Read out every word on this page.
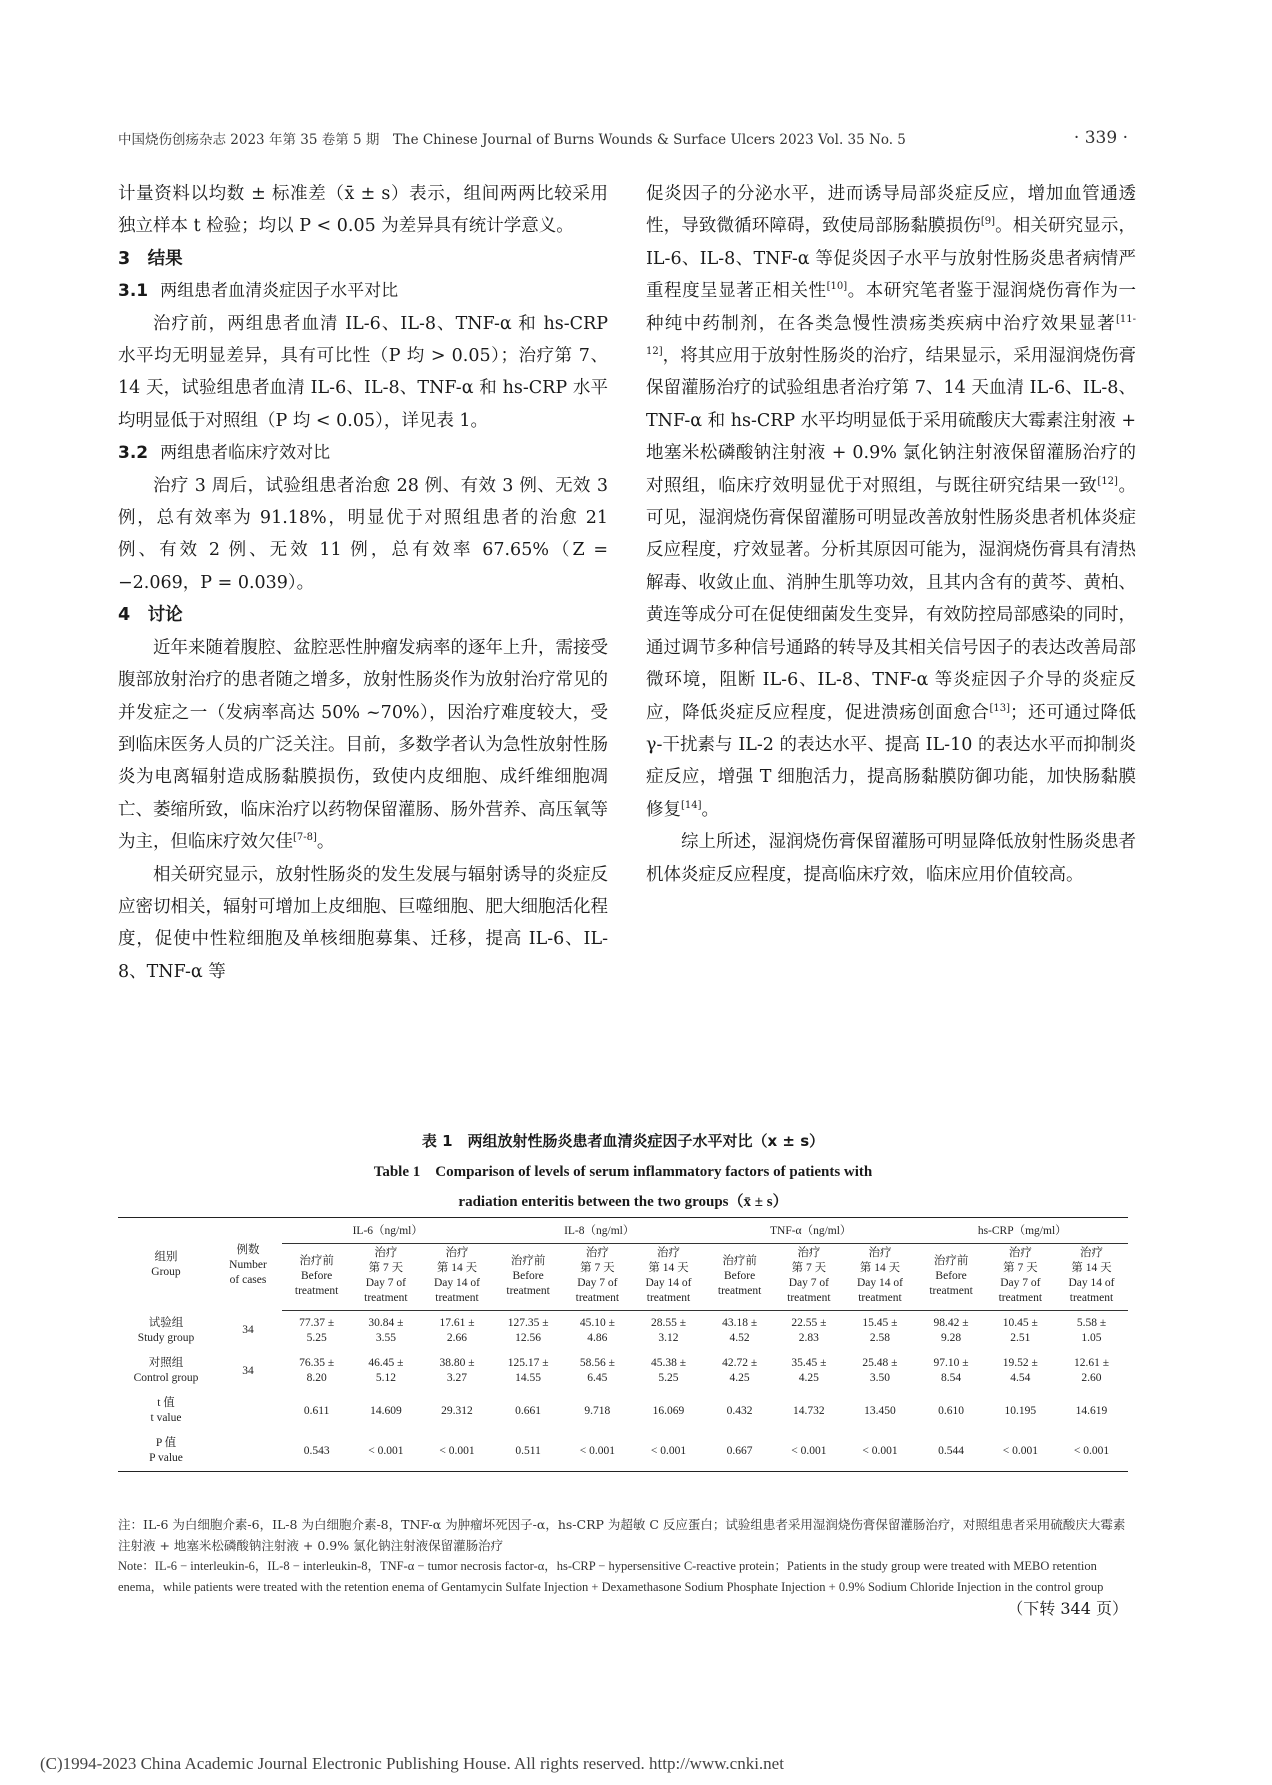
中国烧伤创疡杂志 2023 年第 35 卷第 5 期　The Chinese Journal of Burns Wounds & Surface Ulcers 2023 Vol. 35 No. 5	· 339 ·

计量资料以均数 ± 标准差（x̄ ± s）表示，组间两两比较采用独立样本 t 检验；均以 P < 0.05 为差异具有统计学意义。

3　结果
3.1 两组患者血清炎症因子水平对比

治疗前，两组患者血清 IL-6、IL-8、TNF-α 和 hs-CRP 水平均无明显差异，具有可比性（P 均 > 0.05）；治疗第 7、14 天，试验组患者血清 IL-6、IL-8、TNF-α 和 hs-CRP 水平均明显低于对照组（P 均 < 0.05），详见表 1。

3.2 两组患者临床疗效对比

治疗 3 周后，试验组患者治愈 28 例、有效 3 例、无效 3 例，总有效率为 91.18%，明显优于对照组患者的治愈 21 例、有效 2 例、无效 11 例，总有效率 67.65%（Z = −2.069，P = 0.039）。

4　讨论

近年来随着腹腔、盆腔恶性肿瘤发病率的逐年上升，需接受腹部放射治疗的患者随之增多，放射性肠炎作为放射治疗常见的并发症之一（发病率高达 50% ~70%），因治疗难度较大，受到临床医务人员的广泛关注。目前，多数学者认为急性放射性肠炎为电离辐射造成肠黏膜损伤，致使内皮细胞、成纤维细胞凋亡、萎缩所致，临床治疗以药物保留灌肠、肠外营养、高压氧等为主，但临床疗效欠佳[7-8]。

相关研究显示，放射性肠炎的发生发展与辐射诱导的炎症反应密切相关，辐射可增加上皮细胞、巨噬细胞、肥大细胞活化程度，促使中性粒细胞及单核细胞募集、迁移，提高 IL-6、IL-8、TNF-α 等

促炎因子的分泌水平，进而诱导局部炎症反应，增加血管通透性，导致微循环障碍，致使局部肠黏膜损伤[9]。相关研究显示，IL-6、IL-8、TNF-α 等促炎因子水平与放射性肠炎患者病情严重程度呈显著正相关性[10]。本研究笔者鉴于湿润烧伤膏作为一种纯中药制剂，在各类急慢性溃疡类疾病中治疗效果显著[11-12]，将其应用于放射性肠炎的治疗，结果显示，采用湿润烧伤膏保留灌肠治疗的试验组患者治疗第 7、14 天血清 IL-6、IL-8、TNF-α 和 hs-CRP 水平均明显低于采用硫酸庆大霉素注射液 + 地塞米松磷酸钠注射液 + 0.9% 氯化钠注射液保留灌肠治疗的对照组，临床疗效明显优于对照组，与既往研究结果一致[12]。可见，湿润烧伤膏保留灌肠可明显改善放射性肠炎患者机体炎症反应程度，疗效显著。分析其原因可能为，湿润烧伤膏具有清热解毒、收敛止血、消肿生肌等功效，且其内含有的黄芩、黄柏、黄连等成分可在促使细菌发生变异，有效防控局部感染的同时，通过调节多种信号通路的转导及其相关信号因子的表达改善局部微环境，阻断 IL-6、IL-8、TNF-α 等炎症因子介导的炎症反应，降低炎症反应程度，促进溃疡创面愈合[13]；还可通过降低 γ-干扰素与 IL-2 的表达水平、提高 IL-10 的表达水平而抑制炎症反应，增强 T 细胞活力，提高肠黏膜防御功能，加快肠黏膜修复[14]。

综上所述，湿润烧伤膏保留灌肠可明显降低放射性肠炎患者机体炎症反应程度，提高临床疗效，临床应用价值较高。

表 1　两组放射性肠炎患者血清炎症因子水平对比（x ± s）
Table 1　Comparison of levels of serum inflammatory factors of patients with
radiation enteritis between the two groups（x̄ ± s）
组别
Group	例数
Number
of cases	IL-6（ng/ml）			IL-8（ng/ml）			TNF-α（ng/ml）			hs-CRP（mg/ml）		
		治疗前
Before
treatment	治疗
第 7 天
Day 7 of
treatment	治疗
第 14 天
Day 14 of
treatment	治疗前
Before
treatment	治疗
第 7 天
Day 7 of
treatment	治疗
第 14 天
Day 14 of
treatment	治疗前
Before
treatment	治疗
第 7 天
Day 7 of
treatment	治疗
第 14 天
Day 14 of
treatment	治疗前
Before
treatment	治疗
第 7 天
Day 7 of
treatment	治疗
第 14 天
Day 14 of
treatment
试验组
Study group	34	77.37 ±
5.25	30.84 ±
3.55	17.61 ±
2.66	127.35 ±
12.56	45.10 ±
4.86	28.55 ±
3.12	43.18 ±
4.52	22.55 ±
2.83	15.45 ±
2.58	98.42 ±
9.28	10.45 ±
2.51	5.58 ±
1.05
对照组
Control group	34	76.35 ±
8.20	46.45 ±
5.12	38.80 ±
3.27	125.17 ±
14.55	58.56 ±
6.45	45.38 ±
5.25	42.72 ±
4.25	35.45 ±
4.25	25.48 ±
3.50	97.10 ±
8.54	19.52 ±
4.54	12.61 ±
2.60
t 值
t value		0.611	14.609	29.312	0.661	9.718	16.069	0.432	14.732	13.450	0.610	10.195	14.619
P 值
P value		0.543	< 0.001	< 0.001	0.511	< 0.001	< 0.001	0.667	< 0.001	< 0.001	0.544	< 0.001	< 0.001
注：IL-6 为白细胞介素-6，IL-8 为白细胞介素-8，TNF-α 为肿瘤坏死因子-α，hs-CRP 为超敏 C 反应蛋白；试验组患者采用湿润烧伤膏保留灌肠治疗，对照组患者采用硫酸庆大霉素注射液 + 地塞米松磷酸钠注射液 + 0.9% 氯化钠注射液保留灌肠治疗
Note：IL-6 − interleukin-6，IL-8 − interleukin-8，TNF-α − tumor necrosis factor-α，hs-CRP − hypersensitive C-reactive protein；Patients in the study group were treated with MEBO retention enema，while patients were treated with the retention enema of Gentamycin Sulfate Injection + Dexamethasone Sodium Phosphate Injection + 0.9% Sodium Chloride Injection in the control group
（下转 344 页）
(C)1994-2023 China Academic Journal Electronic Publishing House. All rights reserved. http://www.cnki.net
